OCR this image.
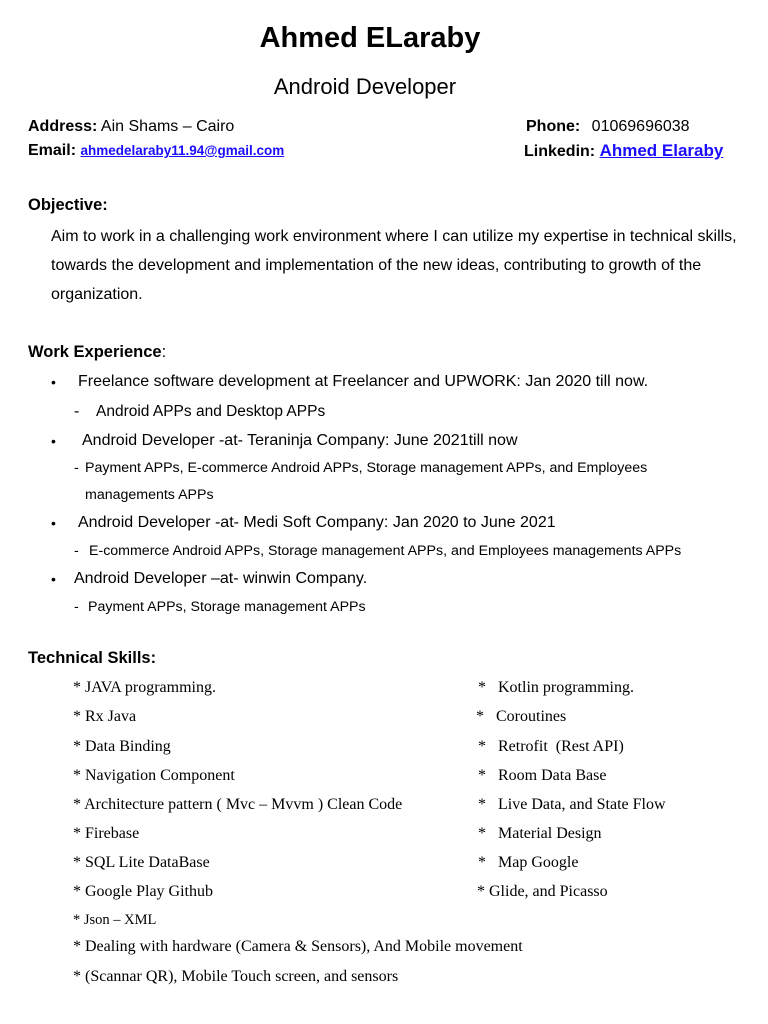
Ahmed ELaraby
Android Developer
Address: Ain Shams – Cairo
Email: ahmedelaraby11.94@gmail.com
Phone: 01069696038
Linkedin: Ahmed Elaraby
Objective:
Aim to work in a challenging work environment where I can utilize my expertise in technical skills,
towards the development and implementation of the new ideas, contributing to growth of the
organization.
Work Experience:
• Freelance software development at Freelancer and UPWORK: Jan 2020 till now.
- Android APPs and Desktop APPs
• Android Developer -at- Teraninja Company: June 2021till now
- Payment APPs, E-commerce Android APPs, Storage management APPs, and Employees
managements APPs
• Android Developer -at- Medi Soft Company: Jan 2020 to June 2021
- E-commerce Android APPs, Storage management APPs, and Employees managements APPs
• Android Developer –at- winwin Company.
- Payment APPs, Storage management APPs
Technical Skills:
* JAVA programming.
* Rx Java
* Data Binding
* Navigation Component
* Architecture pattern ( Mvc – Mvvm ) Clean Code
* Firebase
* SQL Lite DataBase
* Google Play Github
*   Kotlin programming.
*   Coroutines
*   Retrofit  (Rest API)
*   Room Data Base
*   Live Data, and State Flow
*   Material Design
*   Map Google
* Glide, and Picasso
* Json – XML
* Dealing with hardware (Camera & Sensors), And Mobile movement
* (Scannar QR), Mobile Touch screen, and sensors
